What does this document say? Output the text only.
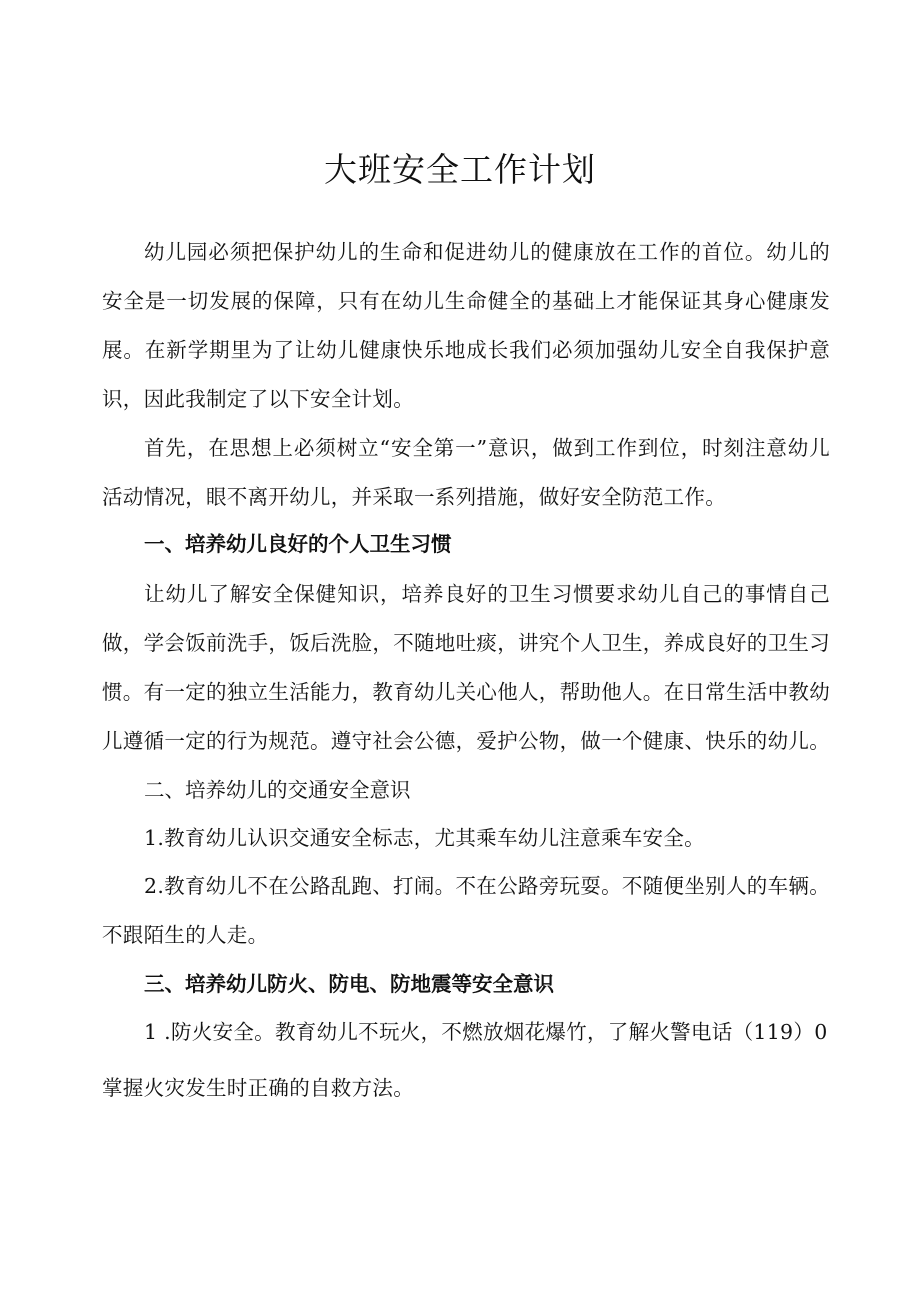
大班安全工作计划

幼儿园必须把保护幼儿的生命和促进幼儿的健康放在工作的首位。幼儿的安全是一切发展的保障，只有在幼儿生命健全的基础上才能保证其身心健康发展。在新学期里为了让幼儿健康快乐地成长我们必须加强幼儿安全自我保护意识，因此我制定了以下安全计划。

首先，在思想上必须树立“安全第一”意识，做到工作到位，时刻注意幼儿活动情况，眼不离开幼儿，并采取一系列措施，做好安全防范工作。

一、培养幼儿良好的个人卫生习惯

让幼儿了解安全保健知识，培养良好的卫生习惯要求幼儿自己的事情自己做，学会饭前洗手，饭后洗脸，不随地吐痰，讲究个人卫生，养成良好的卫生习惯。有一定的独立生活能力，教育幼儿关心他人，帮助他人。在日常生活中教幼儿遵循一定的行为规范。遵守社会公德，爱护公物，做一个健康、快乐的幼儿。

二、培养幼儿的交通安全意识

1.教育幼儿认识交通安全标志，尤其乘车幼儿注意乘车安全。

2.教育幼儿不在公路乱跑、打闹。不在公路旁玩耍。不随便坐别人的车辆。不跟陌生的人走。

三、培养幼儿防火、防电、防地震等安全意识

1 .防火安全。教育幼儿不玩火，不燃放烟花爆竹，了解火警电话（119）0

掌握火灾发生时正确的自救方法。
